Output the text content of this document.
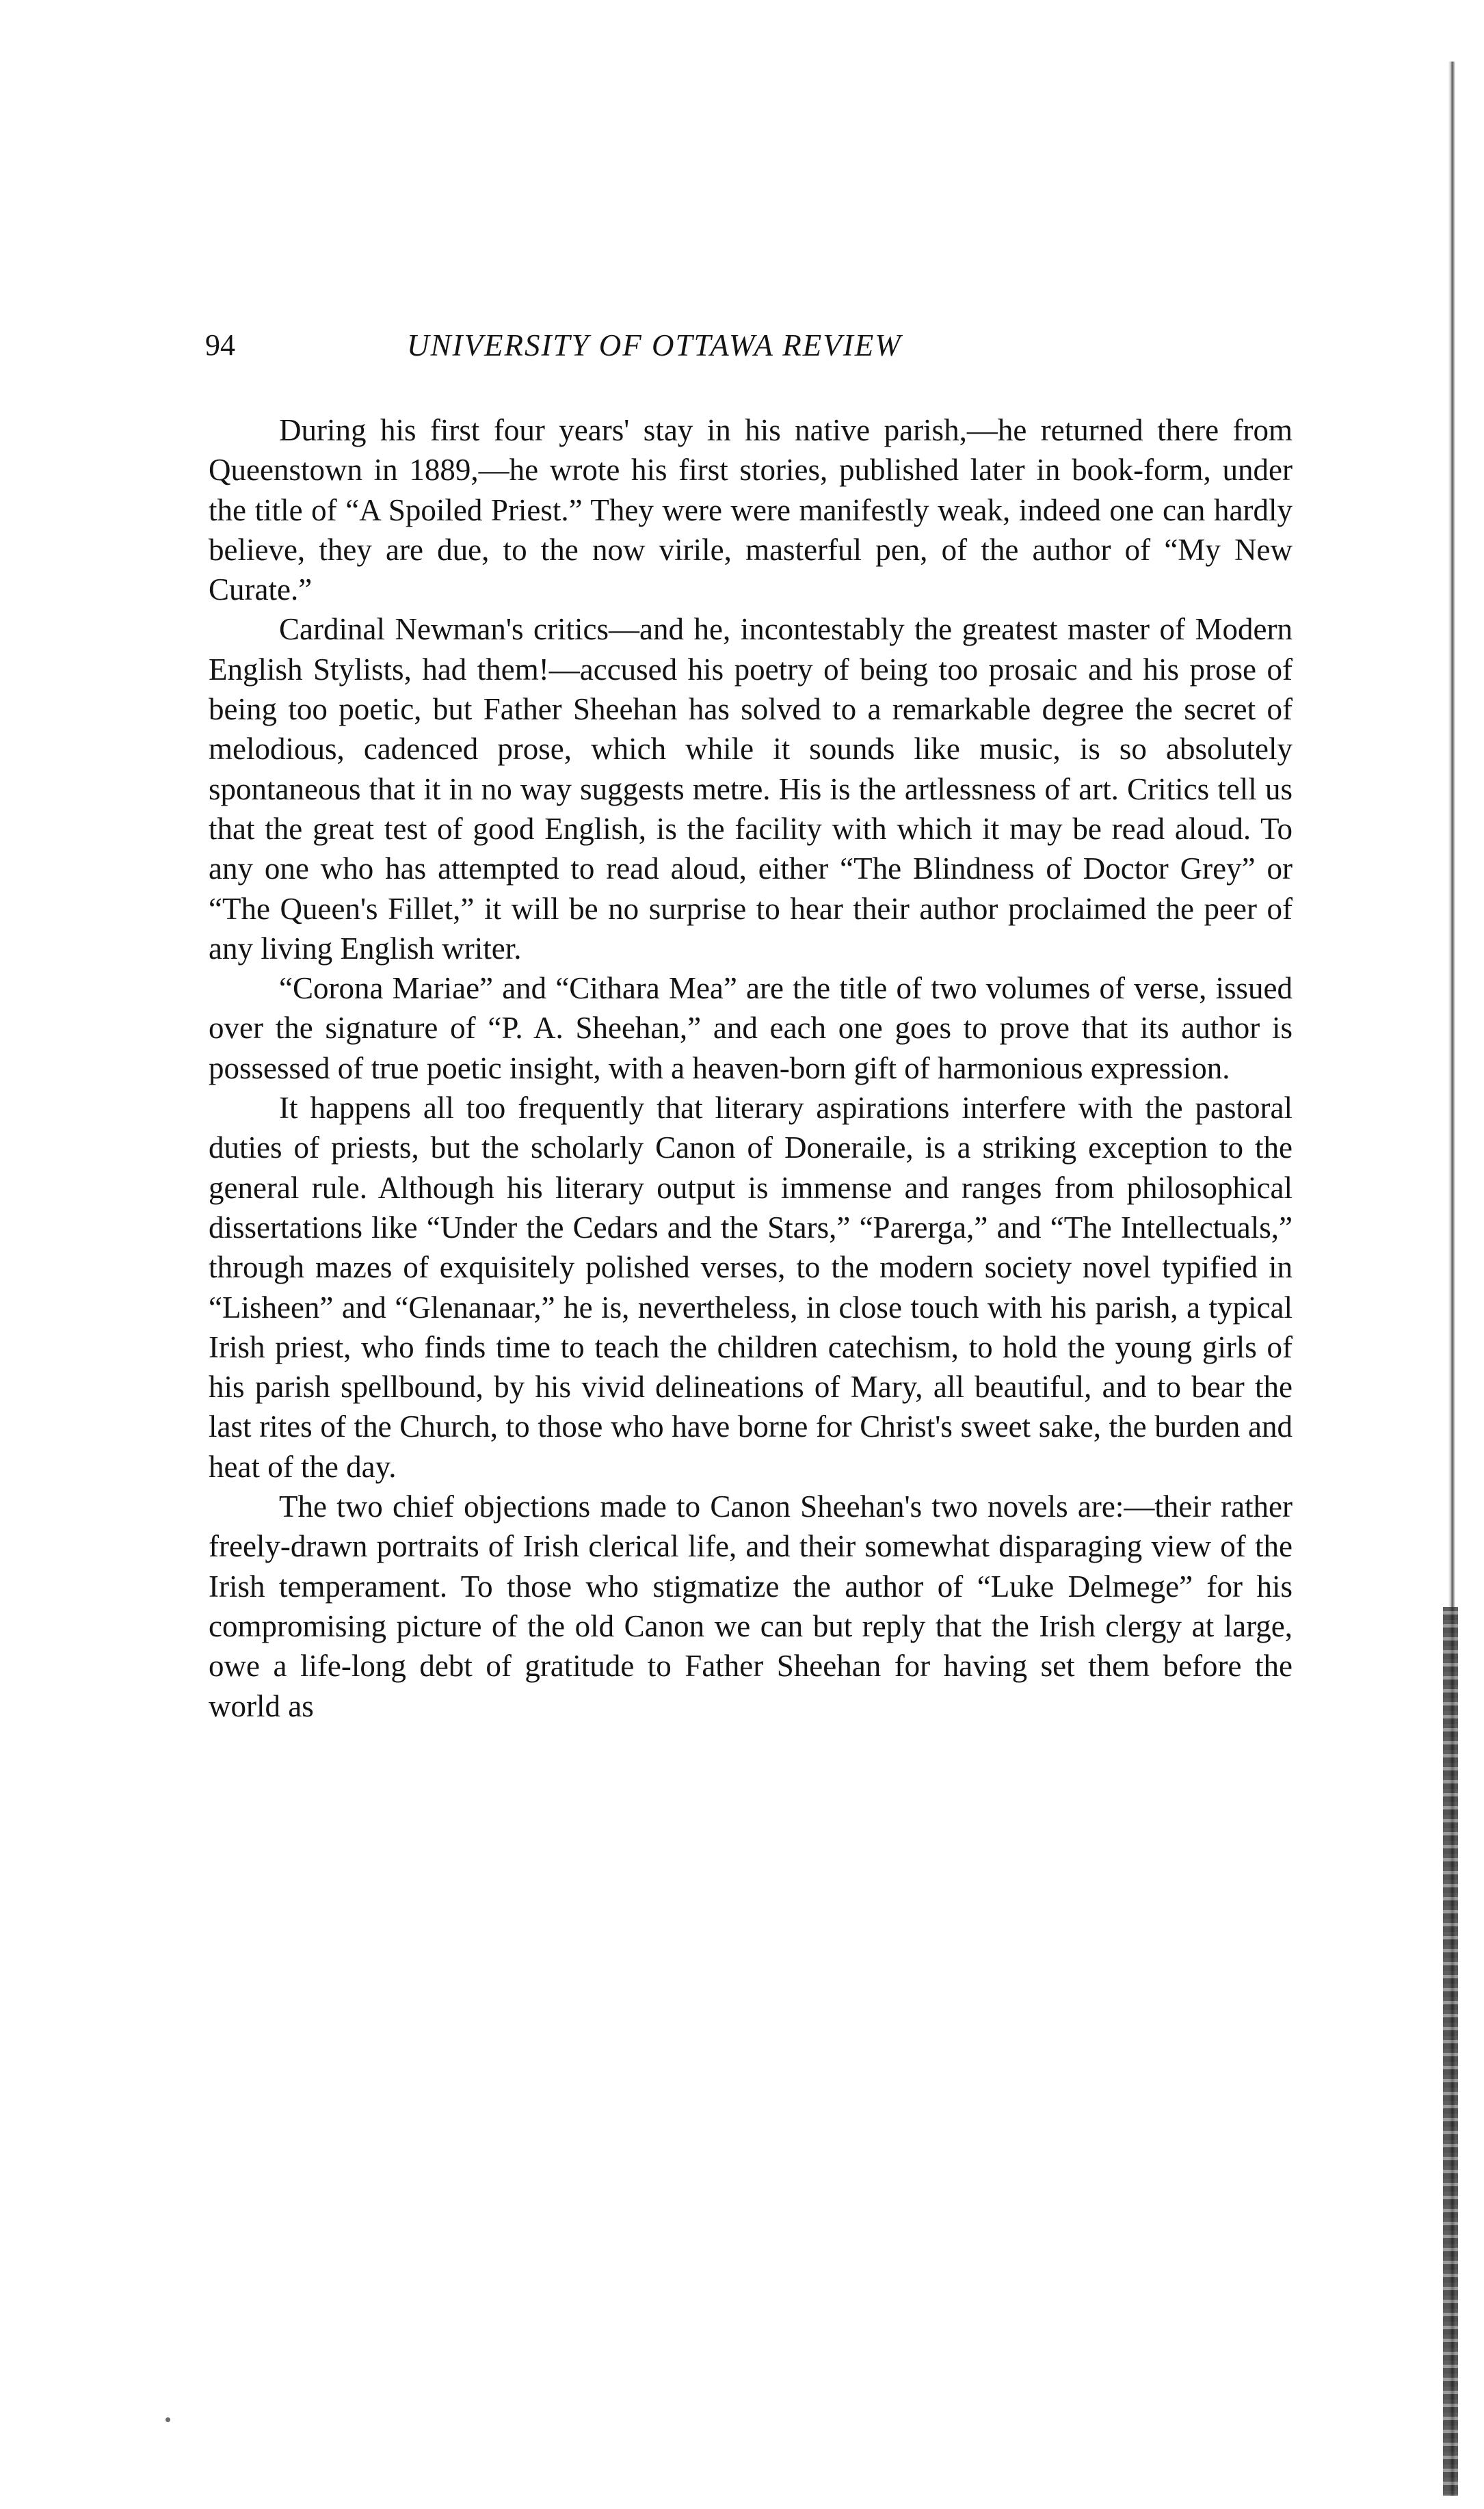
94	UNIVERSITY OF OTTAWA REVIEW

During his first four years' stay in his native parish,—he returned there from Queenstown in 1889,—he wrote his first stories, published later in book-form, under the title of “A Spoiled Priest.” They were were manifestly weak, indeed one can hardly believe, they are due, to the now virile, masterful pen, of the author of “My New Curate.”

Cardinal Newman's critics—and he, incontestably the greatest master of Modern English Stylists, had them!—accused his poetry of being too prosaic and his prose of being too poetic, but Father Sheehan has solved to a remarkable degree the secret of melodious, cadenced prose, which while it sounds like music, is so absolutely spontaneous that it in no way suggests metre. His is the artlessness of art. Critics tell us that the great test of good English, is the facility with which it may be read aloud. To any one who has attempted to read aloud, either “The Blindness of Doctor Grey” or “The Queen's Fillet,” it will be no surprise to hear their author proclaimed the peer of any living English writer.

“Corona Mariae” and “Cithara Mea” are the title of two volumes of verse, issued over the signature of “P. A. Sheehan,” and each one goes to prove that its author is possessed of true poetic insight, with a heaven-born gift of harmonious expression.

It happens all too frequently that literary aspirations interfere with the pastoral duties of priests, but the scholarly Canon of Doneraile, is a striking exception to the general rule. Although his literary output is immense and ranges from philosophical dissertations like “Under the Cedars and the Stars,” “Parerga,” and “The Intellectuals,” through mazes of exquisitely polished verses, to the modern society novel typified in “Lisheen” and “Glenanaar,” he is, nevertheless, in close touch with his parish, a typical Irish priest, who finds time to teach the children catechism, to hold the young girls of his parish spellbound, by his vivid delineations of Mary, all beautiful, and to bear the last rites of the Church, to those who have borne for Christ's sweet sake, the burden and heat of the day.

The two chief objections made to Canon Sheehan's two novels are:—their rather freely-drawn portraits of Irish clerical life, and their somewhat disparaging view of the Irish temperament. To those who stigmatize the author of “Luke Delmege” for his compromising picture of the old Canon we can but reply that the Irish clergy at large, owe a life-long debt of gratitude to Father Sheehan for having set them before the world as
